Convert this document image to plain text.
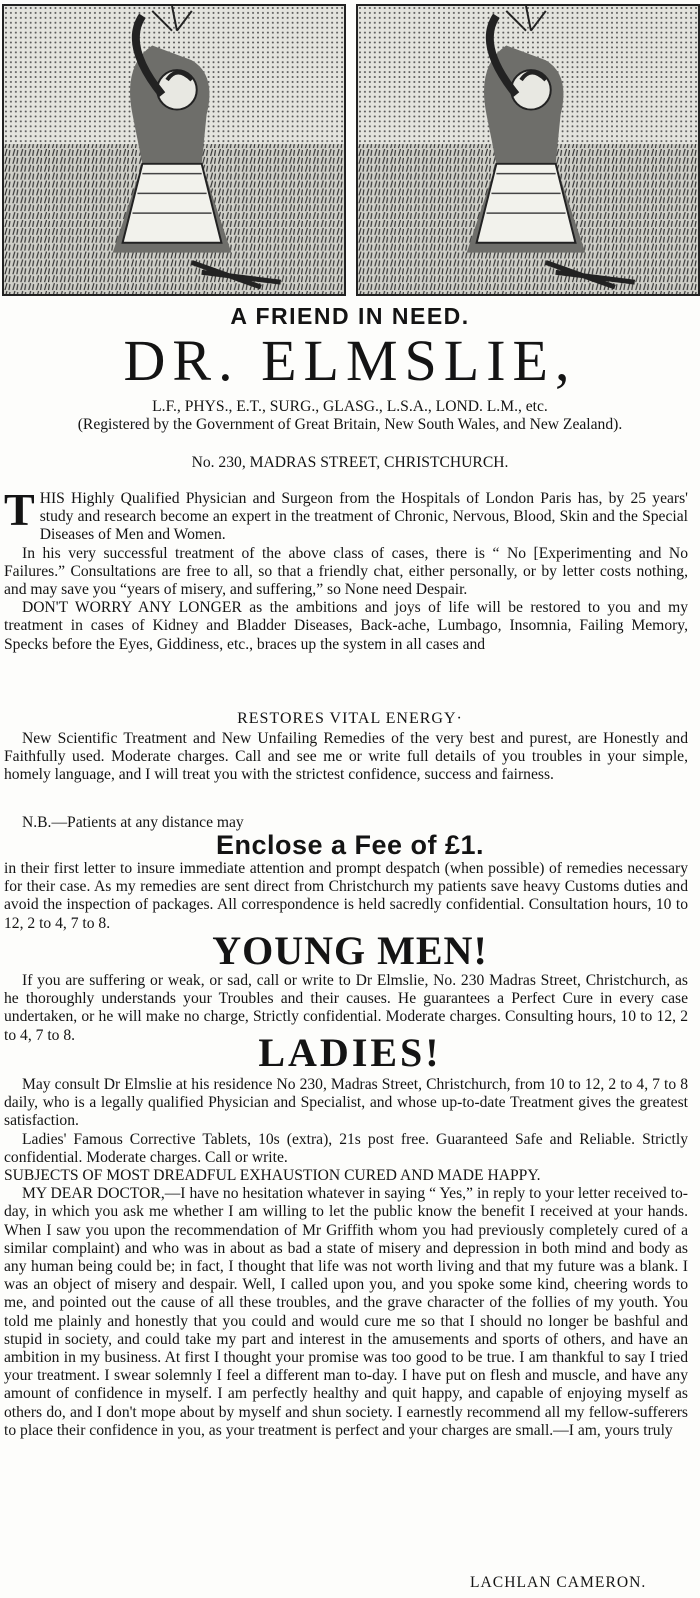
A FRIEND IN NEED.
DR. ELMSLIE,
L.F., PHYS., E.T., SURG., GLASG., L.S.A., LOND. L.M., etc.
(Registered by the Government of Great Britain, New South Wales, and New Zealand).
No. 230, MADRAS STREET, CHRISTCHURCH.

THIS Highly Qualified Physician and Surgeon from the Hospitals of London Paris has, by 25 years' study and research become an expert in the treatment of Chronic, Nervous, Blood, Skin and the Special Diseases of Men and Women.

In his very successful treatment of the above class of cases, there is “ No [Experimenting and No Failures.” Consultations are free to all, so that a friendly chat, either personally, or by letter costs nothing, and may save you “years of misery, and suffering,” so None need Despair.

DON'T WORRY ANY LONGER as the ambitions and joys of life will be restored to you and my treatment in cases of Kidney and Bladder Diseases, Back-ache, Lumbago, Insomnia, Failing Memory, Specks before the Eyes, Giddiness, etc., braces up the system in all cases and

RESTORES VITAL ENERGY·

New Scientific Treatment and New Unfailing Remedies of the very best and purest, are Honestly and Faithfully used. Moderate charges. Call and see me or write full details of you troubles in your simple, homely language, and I will treat you with the strictest confidence, success and fairness.

N.B.—Patients at any distance may

Enclose a Fee of £1.

in their first letter to insure immediate attention and prompt despatch (when possible) of remedies necessary for their case. As my remedies are sent direct from Christchurch my patients save heavy Customs duties and avoid the inspection of packages. All correspondence is held sacredly confidential. Consultation hours, 10 to 12, 2 to 4, 7 to 8.

YOUNG MEN!

If you are suffering or weak, or sad, call or write to Dr Elmslie, No. 230 Madras Street, Christchurch, as he thoroughly understands your Troubles and their causes. He guarantees a Perfect Cure in every case undertaken, or he will make no charge, Strictly confidential. Moderate charges. Consulting hours, 10 to 12, 2 to 4, 7 to 8.	LADIES!

May consult Dr Elmslie at his residence No 230, Madras Street, Christchurch, from 10 to 12, 2 to 4, 7 to 8 daily, who is a legally qualified Physician and Specialist, and whose up-to-date Treatment gives the greatest satisfaction.

Ladies' Famous Corrective Tablets, 10s (extra), 21s post free. Guaranteed Safe and Reliable. Strictly confidential. Moderate charges. Call or write.

SUBJECTS OF MOST DREADFUL EXHAUSTION CURED AND MADE HAPPY.

MY DEAR DOCTOR,—I have no hesitation whatever in saying “ Yes,” in reply to your letter received to-day, in which you ask me whether I am willing to let the public know the benefit I received at your hands. When I saw you upon the recommendation of Mr Griffith whom you had previously completely cured of a similar complaint) and who was in about as bad a state of misery and depression in both mind and body as any human being could be; in fact, I thought that life was not worth living and that my future was a blank. I was an object of misery and despair. Well, I called upon you, and you spoke some kind, cheering words to me, and pointed out the cause of all these troubles, and the grave character of the follies of my youth. You told me plainly and honestly that you could and would cure me so that I should no longer be bashful and stupid in society, and could take my part and interest in the amusements and sports of others, and have an ambition in my business. At first I thought your promise was too good to be true. I am thankful to say I tried your treatment. I swear solemnly I feel a different man to-day. I have put on flesh and muscle, and have any amount of confidence in myself. I am perfectly healthy and quit happy, and capable of enjoying myself as others do, and I don't mope about by myself and shun society. I earnestly recommend all my fellow-sufferers to place their confidence in you, as your treatment is perfect and your charges are small.—I am, yours truly

LACHLAN CAMERON.
